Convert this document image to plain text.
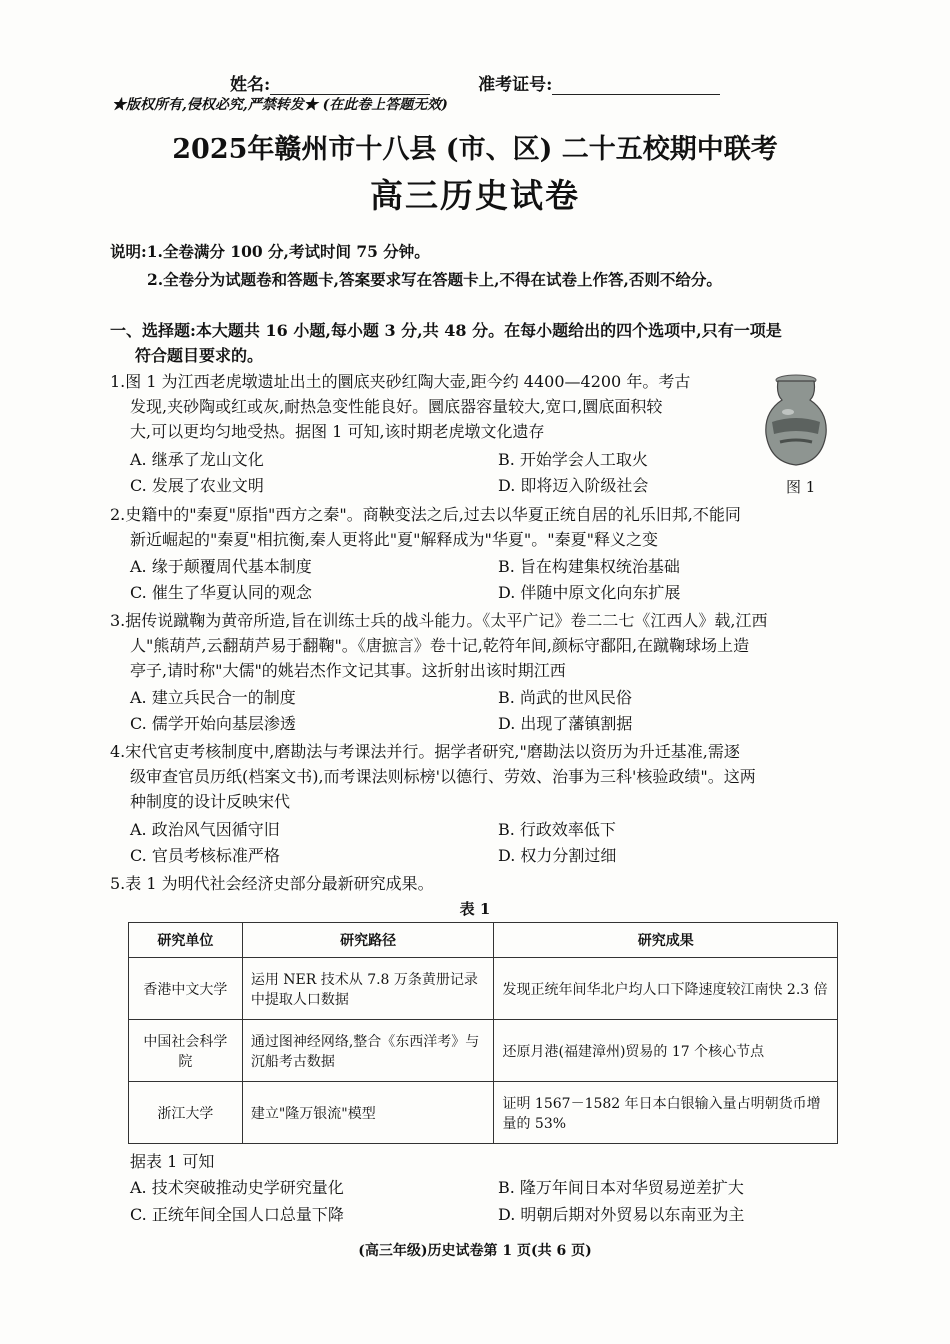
姓名:	准考证号:
★版权所有,侵权必究,严禁转发★ (在此卷上答题无效)
2025年赣州市十八县 (市、区) 二十五校期中联考
高三历史试卷
说明:1.全卷满分 100 分,考试时间 75 分钟。
2.全卷分为试题卷和答题卡,答案要求写在答题卡上,不得在试卷上作答,否则不给分。
一、选择题:本大题共 16 小题,每小题 3 分,共 48 分。在每小题给出的四个选项中,只有一项是
符合题目要求的。
1.图 1 为江西老虎墩遗址出土的圜底夹砂红陶大壶,距今约 4400—4200 年。考古
发现,夹砂陶或红或灰,耐热急变性能良好。圜底器容量较大,宽口,圜底面积较
大,可以更均匀地受热。据图 1 可知,该时期老虎墩文化遗存
A. 继承了龙山文化	B. 开始学会人工取火
C. 发展了农业文明	D. 即将迈入阶级社会	图 1
2.史籍中的"秦夏"原指"西方之秦"。商鞅变法之后,过去以华夏正统自居的礼乐旧邦,不能同
新近崛起的"秦夏"相抗衡,秦人更将此"夏"解释成为"华夏"。"秦夏"释义之变
A. 缘于颠覆周代基本制度	B. 旨在构建集权统治基础
C. 催生了华夏认同的观念	D. 伴随中原文化向东扩展
3.据传说蹴鞠为黄帝所造,旨在训练士兵的战斗能力。《太平广记》卷二二七《江西人》载,江西
人"熊葫芦,云翻葫芦易于翻鞠"。《唐摭言》卷十记,乾符年间,颜标守鄱阳,在蹴鞠球场上造
亭子,请时称"大儒"的姚岩杰作文记其事。这折射出该时期江西
A. 建立兵民合一的制度	B. 尚武的世风民俗
C. 儒学开始向基层渗透	D. 出现了藩镇割据
4.宋代官吏考核制度中,磨勘法与考课法并行。据学者研究,"磨勘法以资历为升迁基准,需逐
级审查官员历纸(档案文书),而考课法则标榜'以德行、劳效、治事为三科'核验政绩"。这两
种制度的设计反映宋代
A. 政治风气因循守旧	B. 行政效率低下
C. 官员考核标准严格	D. 权力分割过细
5.表 1 为明代社会经济史部分最新研究成果。
表 1
研究单位	研究路径	研究成果
香港中文大学	运用 NER 技术从 7.8 万条黄册记录中提取人口数据	发现正统年间华北户均人口下降速度较江南快 2.3 倍
中国社会科学院	通过图神经网络,整合《东西洋考》与沉船考古数据	还原月港(福建漳州)贸易的 17 个核心节点
浙江大学	建立"隆万银流"模型	证明 1567－1582 年日本白银输入量占明朝货币增量的 53%
据表 1 可知
A. 技术突破推动史学研究量化	B. 隆万年间日本对华贸易逆差扩大
C. 正统年间全国人口总量下降	D. 明朝后期对外贸易以东南亚为主
(高三年级)历史试卷第 1 页(共 6 页)
